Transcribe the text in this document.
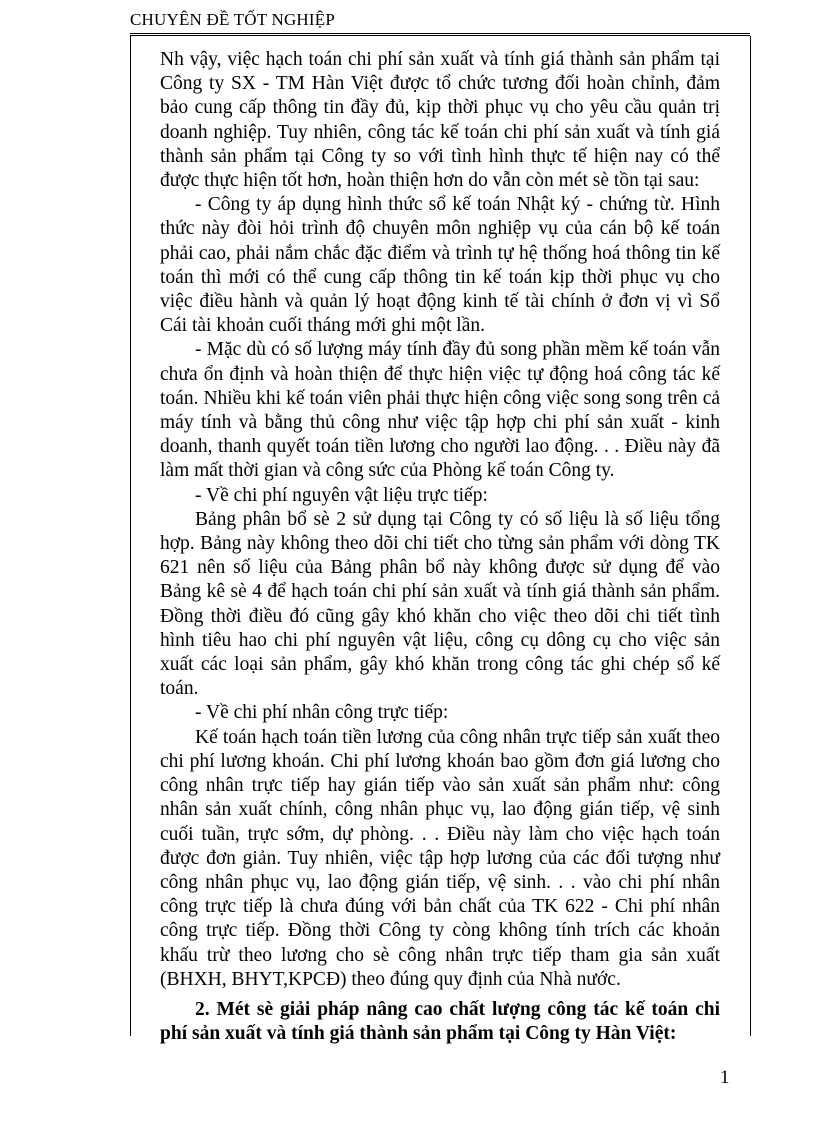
CHUYÊN ĐỀ TỐT NGHIỆP

Nh vậy, việc hạch toán chi phí sản xuất và tính giá thành sản phẩm tại Công ty SX - TM Hàn Việt được tổ chức tương đối hoàn chỉnh, đảm bảo cung cấp thông tin đầy đủ, kịp thời phục vụ cho yêu cầu quản trị doanh nghiệp. Tuy nhiên, công tác kế toán chi phí sản xuất và tính giá thành sản phẩm tại Công ty so với tình hình thực tế hiện nay có thể được thực hiện tốt hơn, hoàn thiện hơn do vẫn còn mét sè tồn tại sau:

- Công ty áp dụng hình thức sổ kế toán Nhật ký - chứng từ. Hình thức này đòi hỏi trình độ chuyên môn nghiệp vụ của cán bộ kế toán phải cao, phải nắm chắc đặc điểm và trình tự hệ thống hoá thông tin kế toán thì mới có thể cung cấp thông tin kế toán kịp thời phục vụ cho việc điều hành và quản lý hoạt động kinh tế tài chính ở đơn vị vì Sổ Cái tài khoản cuối tháng mới ghi một lần.

- Mặc dù có số lượng máy tính đầy đủ song phần mềm kế toán vẫn chưa ổn định và hoàn thiện để thực hiện việc tự động hoá công tác kế toán. Nhiều khi kế toán viên phải thực hiện công việc song song trên cả máy tính và bằng thủ công như việc tập hợp chi phí sản xuất - kinh doanh, thanh quyết toán tiền lương cho người lao động. . . Điều này đã làm mất thời gian và công sức của Phòng kế toán Công ty.

- Về chi phí nguyên vật liệu trực tiếp:

Bảng phân bổ sè 2 sử dụng tại Công ty có số liệu là số liệu tổng hợp. Bảng này không theo dõi chi tiết cho từng sản phẩm với dòng TK 621 nên số liệu của Bảng phân bổ này không được sử dụng để vào Bảng kê sè 4 để hạch toán chi phí sản xuất và tính giá thành sản phẩm. Đồng thời điều đó cũng gây khó khăn cho việc theo dõi chi tiết tình hình tiêu hao chi phí nguyên vật liệu, công cụ dông cụ cho việc sản xuất các loại sản phẩm, gây khó khăn trong công tác ghi chép sổ kế toán.

- Về chi phí nhân công trực tiếp:

Kế toán hạch toán tiền lương của công nhân trực tiếp sản xuất theo chi phí lương khoán. Chi phí lương khoán bao gồm đơn giá lương cho công nhân trực tiếp hay gián tiếp vào sản xuất sản phẩm như: công nhân sản xuất chính, công nhân phục vụ, lao động gián tiếp, vệ sinh cuối tuần, trực sớm, dự phòng. . . Điều này làm cho việc hạch toán được đơn giản. Tuy nhiên, việc tập hợp lương của các đối tượng như công nhân phục vụ, lao động gián tiếp, vệ sinh. . . vào chi phí nhân công trực tiếp là chưa đúng với bản chất của TK 622 - Chi phí nhân công trực tiếp. Đồng thời Công ty còng không tính trích các khoản khấu trừ theo lương cho sè công nhân trực tiếp tham gia sản xuất (BHXH, BHYT,KPCĐ) theo đúng quy định của Nhà nước.

2. Mét sè giải pháp nâng cao chất lượng công tác kế toán chi phí sản xuất và tính giá thành sản phẩm tại Công ty Hàn Việt:

1
